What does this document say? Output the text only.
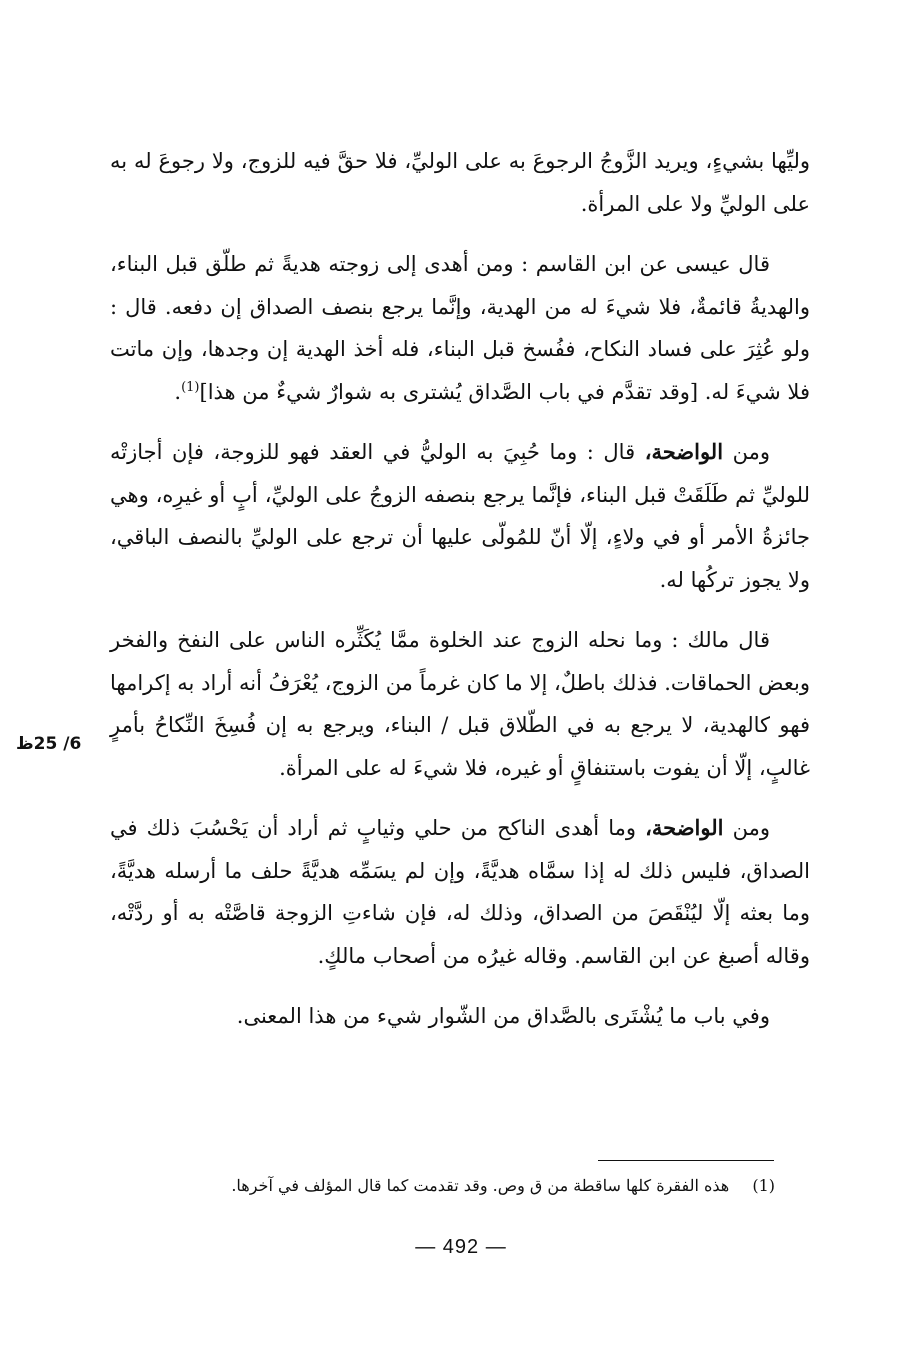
وليِّها بشيءٍ، ويريد الزَّوجُ الرجوعَ به على الوليِّ، فلا حقَّ فيه للزوج، ولا رجوعَ له به على الوليِّ ولا على المرأة.

قال عيسى عن ابن القاسم : ومن أهدى إلى زوجته هديةً ثم طلّق قبل البناء، والهديةُ قائمةٌ، فلا شيءَ له من الهدية، وإنَّما يرجع بنصف الصداق إن دفعه. قال : ولو عُثِرَ على فساد النكاح، ففُسخ قبل البناء، فله أخذ الهدية إن وجدها، وإن ماتت فلا شيءَ له. [وقد تقدَّم في باب الصَّداق يُشترى به شوارٌ شيءٌ من هذا]$^{(1)}$.

ومن الواضحة، قال : وما حُبِيَ به الوليُّ في العقد فهو للزوجة، فإن أجازتْه للوليِّ ثم طَلَقَتْ قبل البناء، فإنَّما يرجع بنصفه الزوجُ على الوليِّ، أبٍ أو غيرِه، وهي جائزةُ الأمر أو في ولاءٍ، إلّا أنّ للمُولّى عليها أن ترجع على الوليِّ بالنصف الباقي، ولا يجوز تركُها له.

قال مالك : وما نحله الزوج عند الخلوة ممَّا يُكَثِّره الناس على النفخ والفخر وبعض الحماقات. فذلك باطلٌ، إلا ما كان غرماً من الزوج، يُعْرَفُ أنه أراد به إكرامها فهو كالهدية، لا يرجع به في الطّلاق قبل / البناء، ويرجع به إن فُسِخَ النِّكاحُ بأمرٍ غالبٍ، إلّا أن يفوت باستنفاقٍ أو غيره، فلا شيءَ له على المرأة.

ومن الواضحة، وما أهدى الناكح من حلي وثيابٍ ثم أراد أن يَحْسُبَ ذلك في الصداق، فليس ذلك له إذا سمَّاه هديَّةً، وإن لم يسَمِّه هديَّةً حلف ما أرسله هديَّةً، وما بعثه إلّا ليُنْقَصَ من الصداق، وذلك له، فإن شاءتِ الزوجة قاصَّتْه به أو ردَّتْه، وقاله أصبغ عن ابن القاسم. وقاله غيرُه من أصحاب مالكٍ.

وفي باب ما يُشْتَرى بالصَّداق من الشّوار شيء من هذا المعنى.

6/ 25ظ
(1) هذه الفقرة كلها ساقطة من ق وص. وقد تقدمت كما قال المؤلف في آخرها.
— 492 —
